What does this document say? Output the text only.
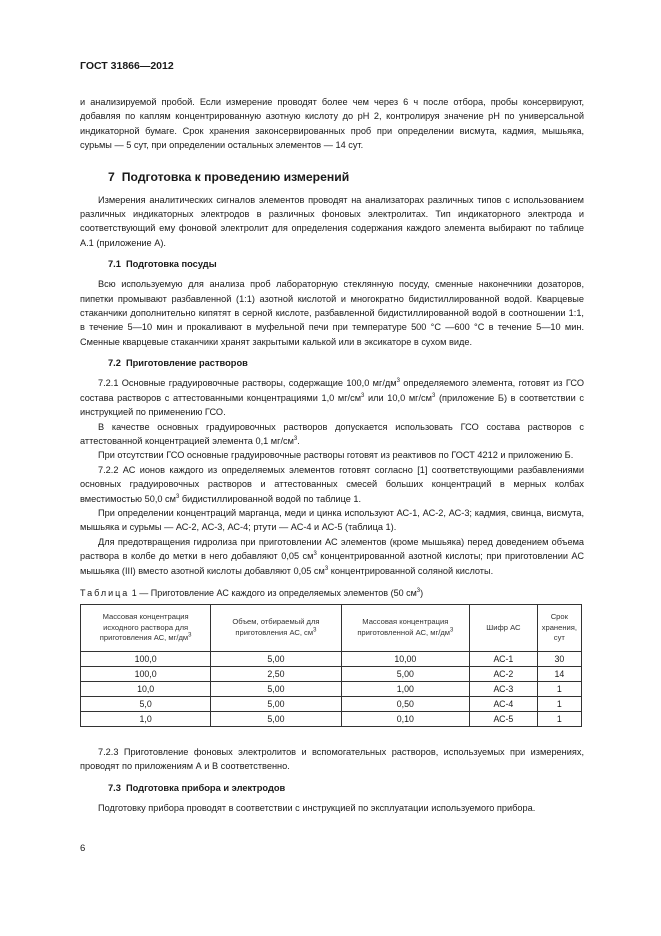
ГОСТ 31866—2012

и анализируемой пробой. Если измерение проводят более чем через 6 ч после отбора, пробы консервируют, добавляя по каплям концентрированную азотную кислоту до pH 2, контролируя значение pH по универсальной индикаторной бумаге. Срок хранения законсервированных проб при определении висмута, кадмия, мышьяка, сурьмы — 5 сут, при определении остальных элементов — 14 сут.

7 Подготовка к проведению измерений

Измерения аналитических сигналов элементов проводят на анализаторах различных типов с использованием различных индикаторных электродов в различных фоновых электролитах. Тип индикаторного электрода и соответствующий ему фоновой электролит для определения содержания каждого элемента выбирают по таблице А.1 (приложение А).

7.1 Подготовка посуды

Всю используемую для анализа проб лабораторную стеклянную посуду, сменные наконечники дозаторов, пипетки промывают разбавленной (1:1) азотной кислотой и многократно бидистиллированной водой. Кварцевые стаканчики дополнительно кипятят в серной кислоте, разбавленной бидистиллированной водой в соотношении 1:1, в течение 5—10 мин и прокаливают в муфельной печи при температуре 500 °С —600 °С в течение 5—10 мин. Сменные кварцевые стаканчики хранят закрытыми калькой или в эксикаторе в сухом виде.

7.2 Приготовление растворов

7.2.1 Основные градуировочные растворы, содержащие 100,0 $мг/дм^3$ определяемого элемента, готовят из ГСО состава растворов с аттестованными концентрациями 1,0 $мг/см^3$ или 10,0 $мг/см^3$ (приложение Б) в соответствии с инструкцией по применению ГСО.

В качестве основных градуировочных растворов допускается использовать ГСО состава растворов с аттестованной концентрацией элемента 0,1 $мг/см^3$.

При отсутствии ГСО основные градуировочные растворы готовят из реактивов по ГОСТ 4212 и приложению Б.

7.2.2 АС ионов каждого из определяемых элементов готовят согласно [1] соответствующими разбавлениями основных градуировочных растворов и аттестованных смесей больших концентраций в мерных колбах вместимостью 50,0 $см^3$ бидистиллированной водой по таблице 1.

При определении концентраций марганца, меди и цинка используют АС-1, АС-2, АС-3; кадмия, свинца, висмута, мышьяка и сурьмы — АС-2, АС-3, АС-4; ртути — АС-4 и АС-5 (таблица 1).

Для предотвращения гидролиза при приготовлении АС элементов (кроме мышьяка) перед доведением объема раствора в колбе до метки в него добавляют 0,05 $см^3$ концентрированной азотной кислоты; при приготовлении АС мышьяка (III) вместо азотной кислоты добавляют 0,05 $см^3$ концентрированной соляной кислоты.

Таблица 1 — Приготовление АС каждого из определяемых элементов (50 $см^3$)
Массовая концентрация исходного раствора для приготовления АС, $мг/дм^3$	Объем, отбираемый для приготовления АС, $см^3$	Массовая концентрация приготовленной АС, $мг/дм^3$	Шифр АС	Срок хранения, сут
100,0	5,00	10,00	АС-1	30
100,0	2,50	5,00	АС-2	14
10,0	5,00	1,00	АС-3	1
5,0	5,00	0,50	АС-4	1
1,0	5,00	0,10	АС-5	1

7.2.3 Приготовление фоновых электролитов и вспомогательных растворов, используемых при измерениях, проводят по приложениям А и В соответственно.

7.3 Подготовка прибора и электродов

Подготовку прибора проводят в соответствии с инструкцией по эксплуатации используемого прибора.

6
